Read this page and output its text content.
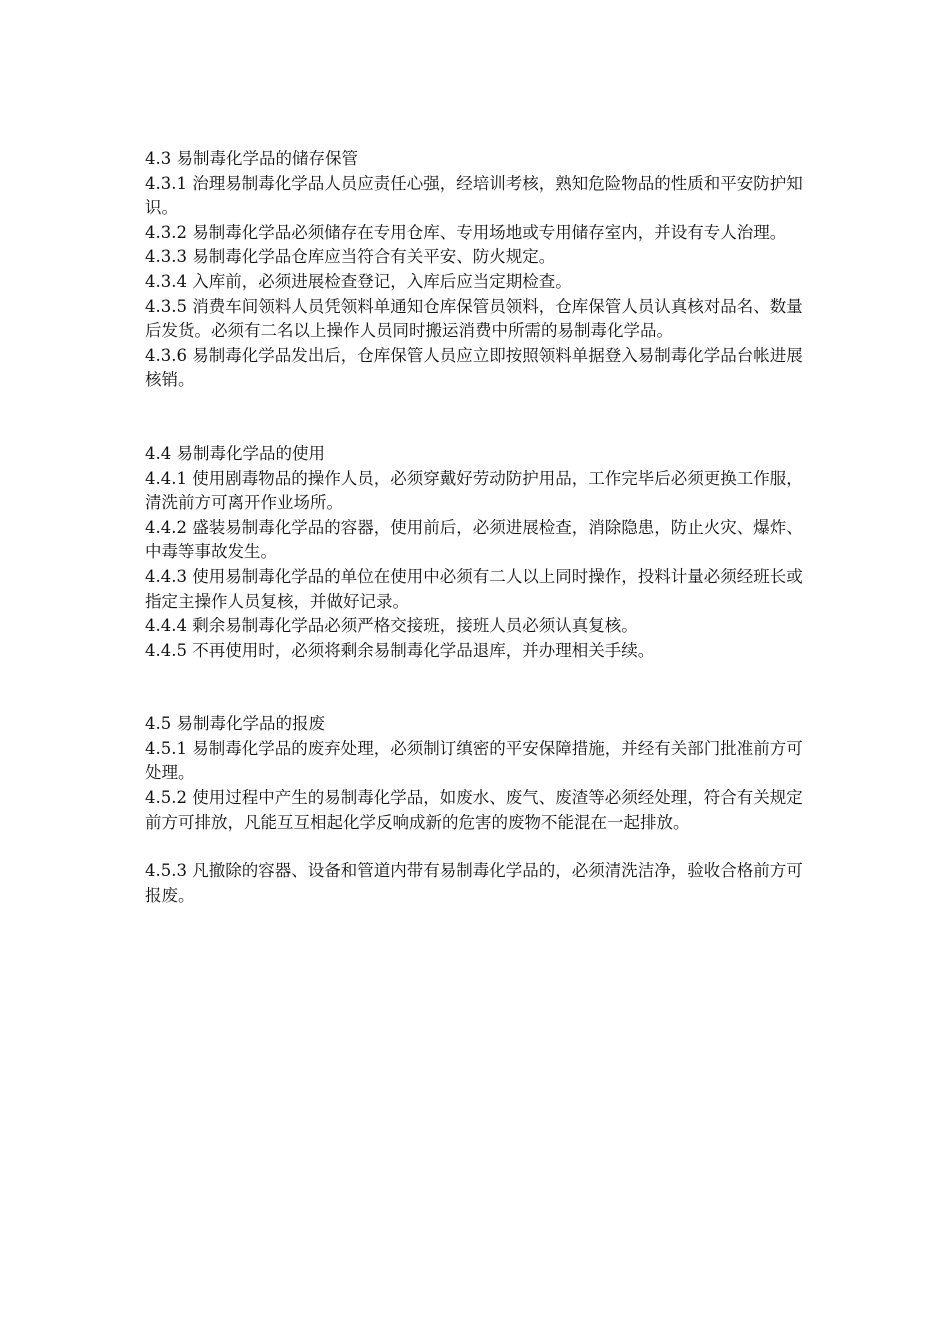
4.3 易制毒化学品的储存保管

4.3.1 治理易制毒化学品人员应责任心强，经培训考核，熟知危险物品的性质和平安防护知识。

4.3.2 易制毒化学品必须储存在专用仓库、专用场地或专用储存室内，并设有专人治理。

4.3.3 易制毒化学品仓库应当符合有关平安、防火规定。

4.3.4 入库前，必须进展检查登记，入库后应当定期检查。

4.3.5 消费车间领料人员凭领料单通知仓库保管员领料，仓库保管人员认真核对品名、数量后发货。必须有二名以上操作人员同时搬运消费中所需的易制毒化学品。

4.3.6 易制毒化学品发出后，仓库保管人员应立即按照领料单据登入易制毒化学品台帐进展核销。

4.4 易制毒化学品的使用

4.4.1 使用剧毒物品的操作人员，必须穿戴好劳动防护用品，工作完毕后必须更换工作服，清洗前方可离开作业场所。

4.4.2 盛装易制毒化学品的容器，使用前后，必须进展检查，消除隐患，防止火灾、爆炸、中毒等事故发生。

4.4.3 使用易制毒化学品的单位在使用中必须有二人以上同时操作，投料计量必须经班长或指定主操作人员复核，并做好记录。

4.4.4 剩余易制毒化学品必须严格交接班，接班人员必须认真复核。

4.4.5 不再使用时，必须将剩余易制毒化学品退库，并办理相关手续。

4.5 易制毒化学品的报废

4.5.1 易制毒化学品的废弃处理，必须制订缜密的平安保障措施，并经有关部门批准前方可处理。

4.5.2 使用过程中产生的易制毒化学品，如废水、废气、废渣等必须经处理，符合有关规定前方可排放，凡能互互相起化学反响成新的危害的废物不能混在一起排放。

4.5.3 凡撤除的容器、设备和管道内带有易制毒化学品的，必须清洗洁净，验收合格前方可报废。
